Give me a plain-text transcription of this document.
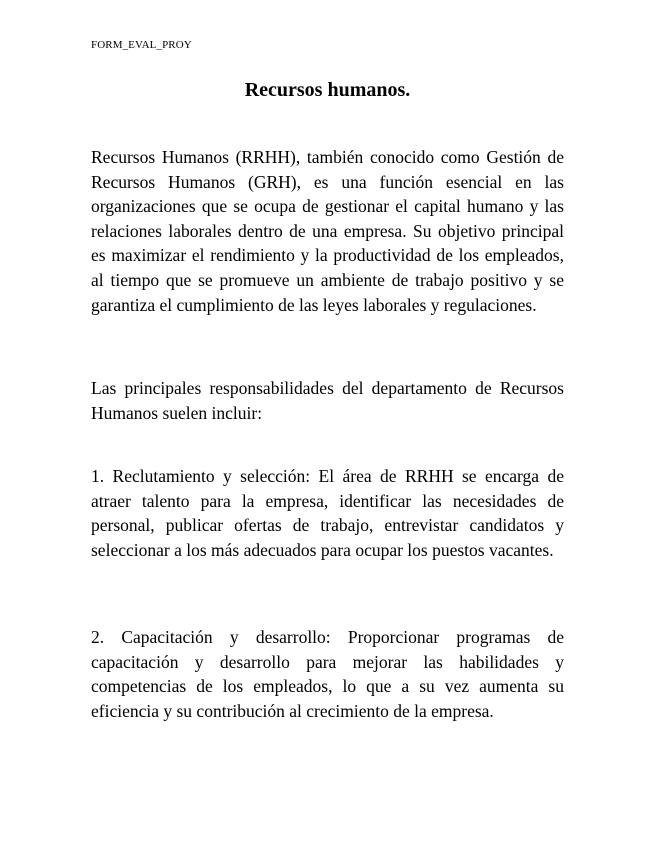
FORM_EVAL_PROY
Recursos humanos.

Recursos Humanos (RRHH), también conocido como Gestión de Recursos Humanos (GRH), es una función esencial en las organizaciones que se ocupa de gestionar el capital humano y las relaciones laborales dentro de una empresa. Su objetivo principal es maximizar el rendimiento y la productividad de los empleados, al tiempo que se promueve un ambiente de trabajo positivo y se garantiza el cumplimiento de las leyes laborales y regulaciones.

Las principales responsabilidades del departamento de Recursos Humanos suelen incluir:

1. Reclutamiento y selección: El área de RRHH se encarga de atraer talento para la empresa, identificar las necesidades de personal, publicar ofertas de trabajo, entrevistar candidatos y seleccionar a los más adecuados para ocupar los puestos vacantes.

2. Capacitación y desarrollo: Proporcionar programas de capacitación y desarrollo para mejorar las habilidades y competencias de los empleados, lo que a su vez aumenta su eficiencia y su contribución al crecimiento de la empresa.
